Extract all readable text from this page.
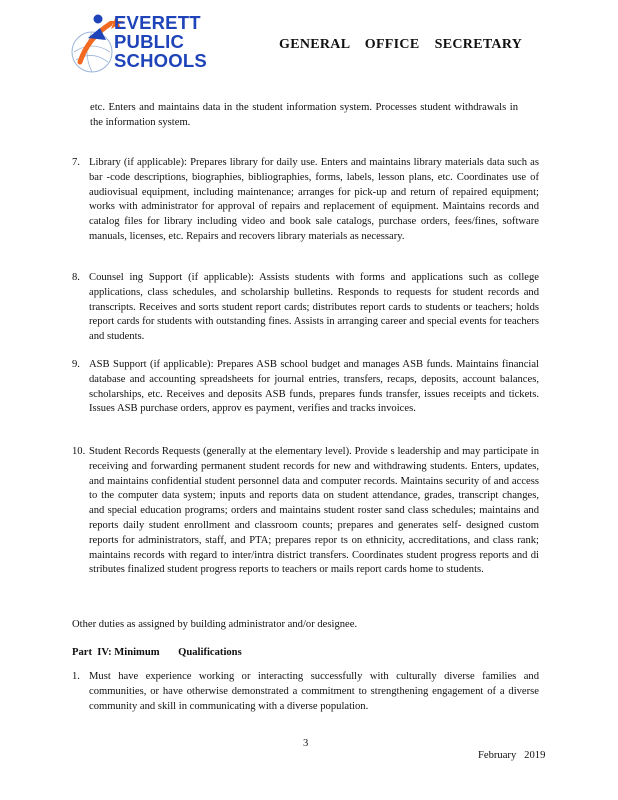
EVERETT
PUBLIC
SCHOOLS
GENERAL    OFFICE    SECRETARY
etc. Enters and maintains data in the student information system. Processes student withdrawals in the information system.
7. Library (if applicable): Prepares library for daily use. Enters and maintains library materials data such as bar -code descriptions, biographies, bibliographies, forms, labels, lesson plans, etc. Coordinates use of audiovisual equipment, including maintenance; arranges for pick-up and return of repaired equipment; works with administrator for approval of repairs and replacement of equipment. Maintains records and catalog files for library including video and book sale catalogs, purchase orders, fees/fines, software manuals, licenses, etc. Repairs and recovers library materials as necessary.
8. Counsel ing Support (if applicable): Assists students with forms and applications such as college applications, class schedules, and scholarship bulletins. Responds to requests for student records and transcripts. Receives and sorts student report cards; distributes report cards to students or teachers; holds report cards for students with outstanding fines. Assists in arranging career and special events for teachers and students.
9. ASB Support (if applicable): Prepares ASB school budget and manages ASB funds. Maintains financial database and accounting spreadsheets for journal entries, transfers, recaps, deposits, account balances, scholarships, etc. Receives and deposits ASB funds, prepares funds transfer, issues receipts and tickets. Issues ASB purchase orders, approv es payment, verifies and tracks invoices.
10. Student Records Requests (generally at the elementary level). Provide s leadership and may participate in receiving and forwarding permanent student records for new and withdrawing students. Enters, updates, and maintains confidential student personnel data and computer records. Maintains security of and access to the computer data system; inputs and reports data on student attendance, grades, transcript changes, and special education programs; orders and maintains student roster sand class schedules; maintains and reports daily student enrollment and classroom counts; prepares and generates self- designed custom reports for administrators, staff, and PTA; prepares repor ts on ethnicity, accreditations, and class rank; maintains records with regard to inter/intra district transfers. Coordinates student progress reports and di stributes finalized student progress reports to teachers or mails report cards home to students.
Other duties as assigned by building administrator and/or designee.
Part  IV: Minimum       Qualifications
1. Must have experience working or interacting successfully with culturally diverse families and communities, or have otherwise demonstrated a commitment to strengthening engagement of a diverse community and skill in communicating with a diverse population.
3
February   2019
